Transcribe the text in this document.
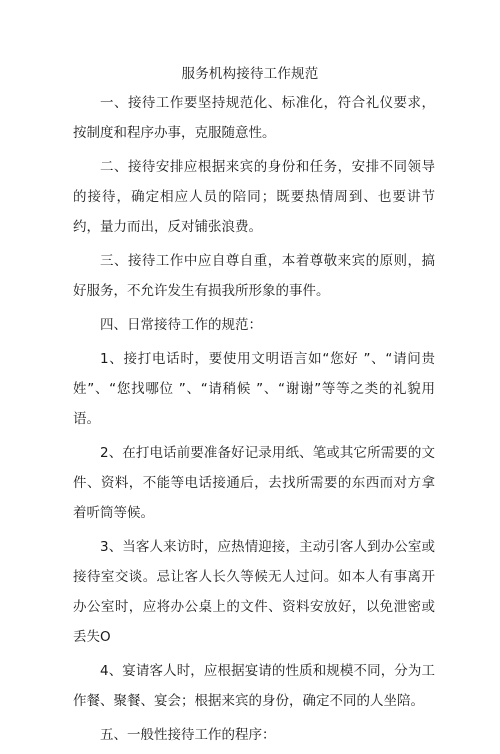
服务机构接待工作规范

一、接待工作要坚持规范化、标准化，符合礼仪要求，按制度和程序办事，克服随意性。

二、接待安排应根据来宾的身份和任务，安排不同领导的接待，确定相应人员的陪同；既要热情周到、也要讲节约，量力而出，反对铺张浪费。

三、接待工作中应自尊自重，本着尊敬来宾的原则，搞好服务，不允许发生有损我所形象的事件。

四、日常接待工作的规范：

1、接打电话时，要使用文明语言如“您好 ”、“请问贵姓”、“您找哪位 ”、“请稍候 ”、“谢谢”等等之类的礼貌用语。

2、在打电话前要准备好记录用纸、笔或其它所需要的文件、资料，不能等电话接通后，去找所需要的东西而对方拿着听筒等候。

3、当客人来访时，应热情迎接，主动引客人到办公室或接待室交谈。忌让客人长久等候无人过问。如本人有事离开办公室时，应将办公桌上的文件、资料安放好，以免泄密或丢失O

4、宴请客人时，应根据宴请的性质和规模不同，分为工作餐、聚餐、宴会；根据来宾的身份，确定不同的人坐陪。

五、一般性接待工作的程序：
